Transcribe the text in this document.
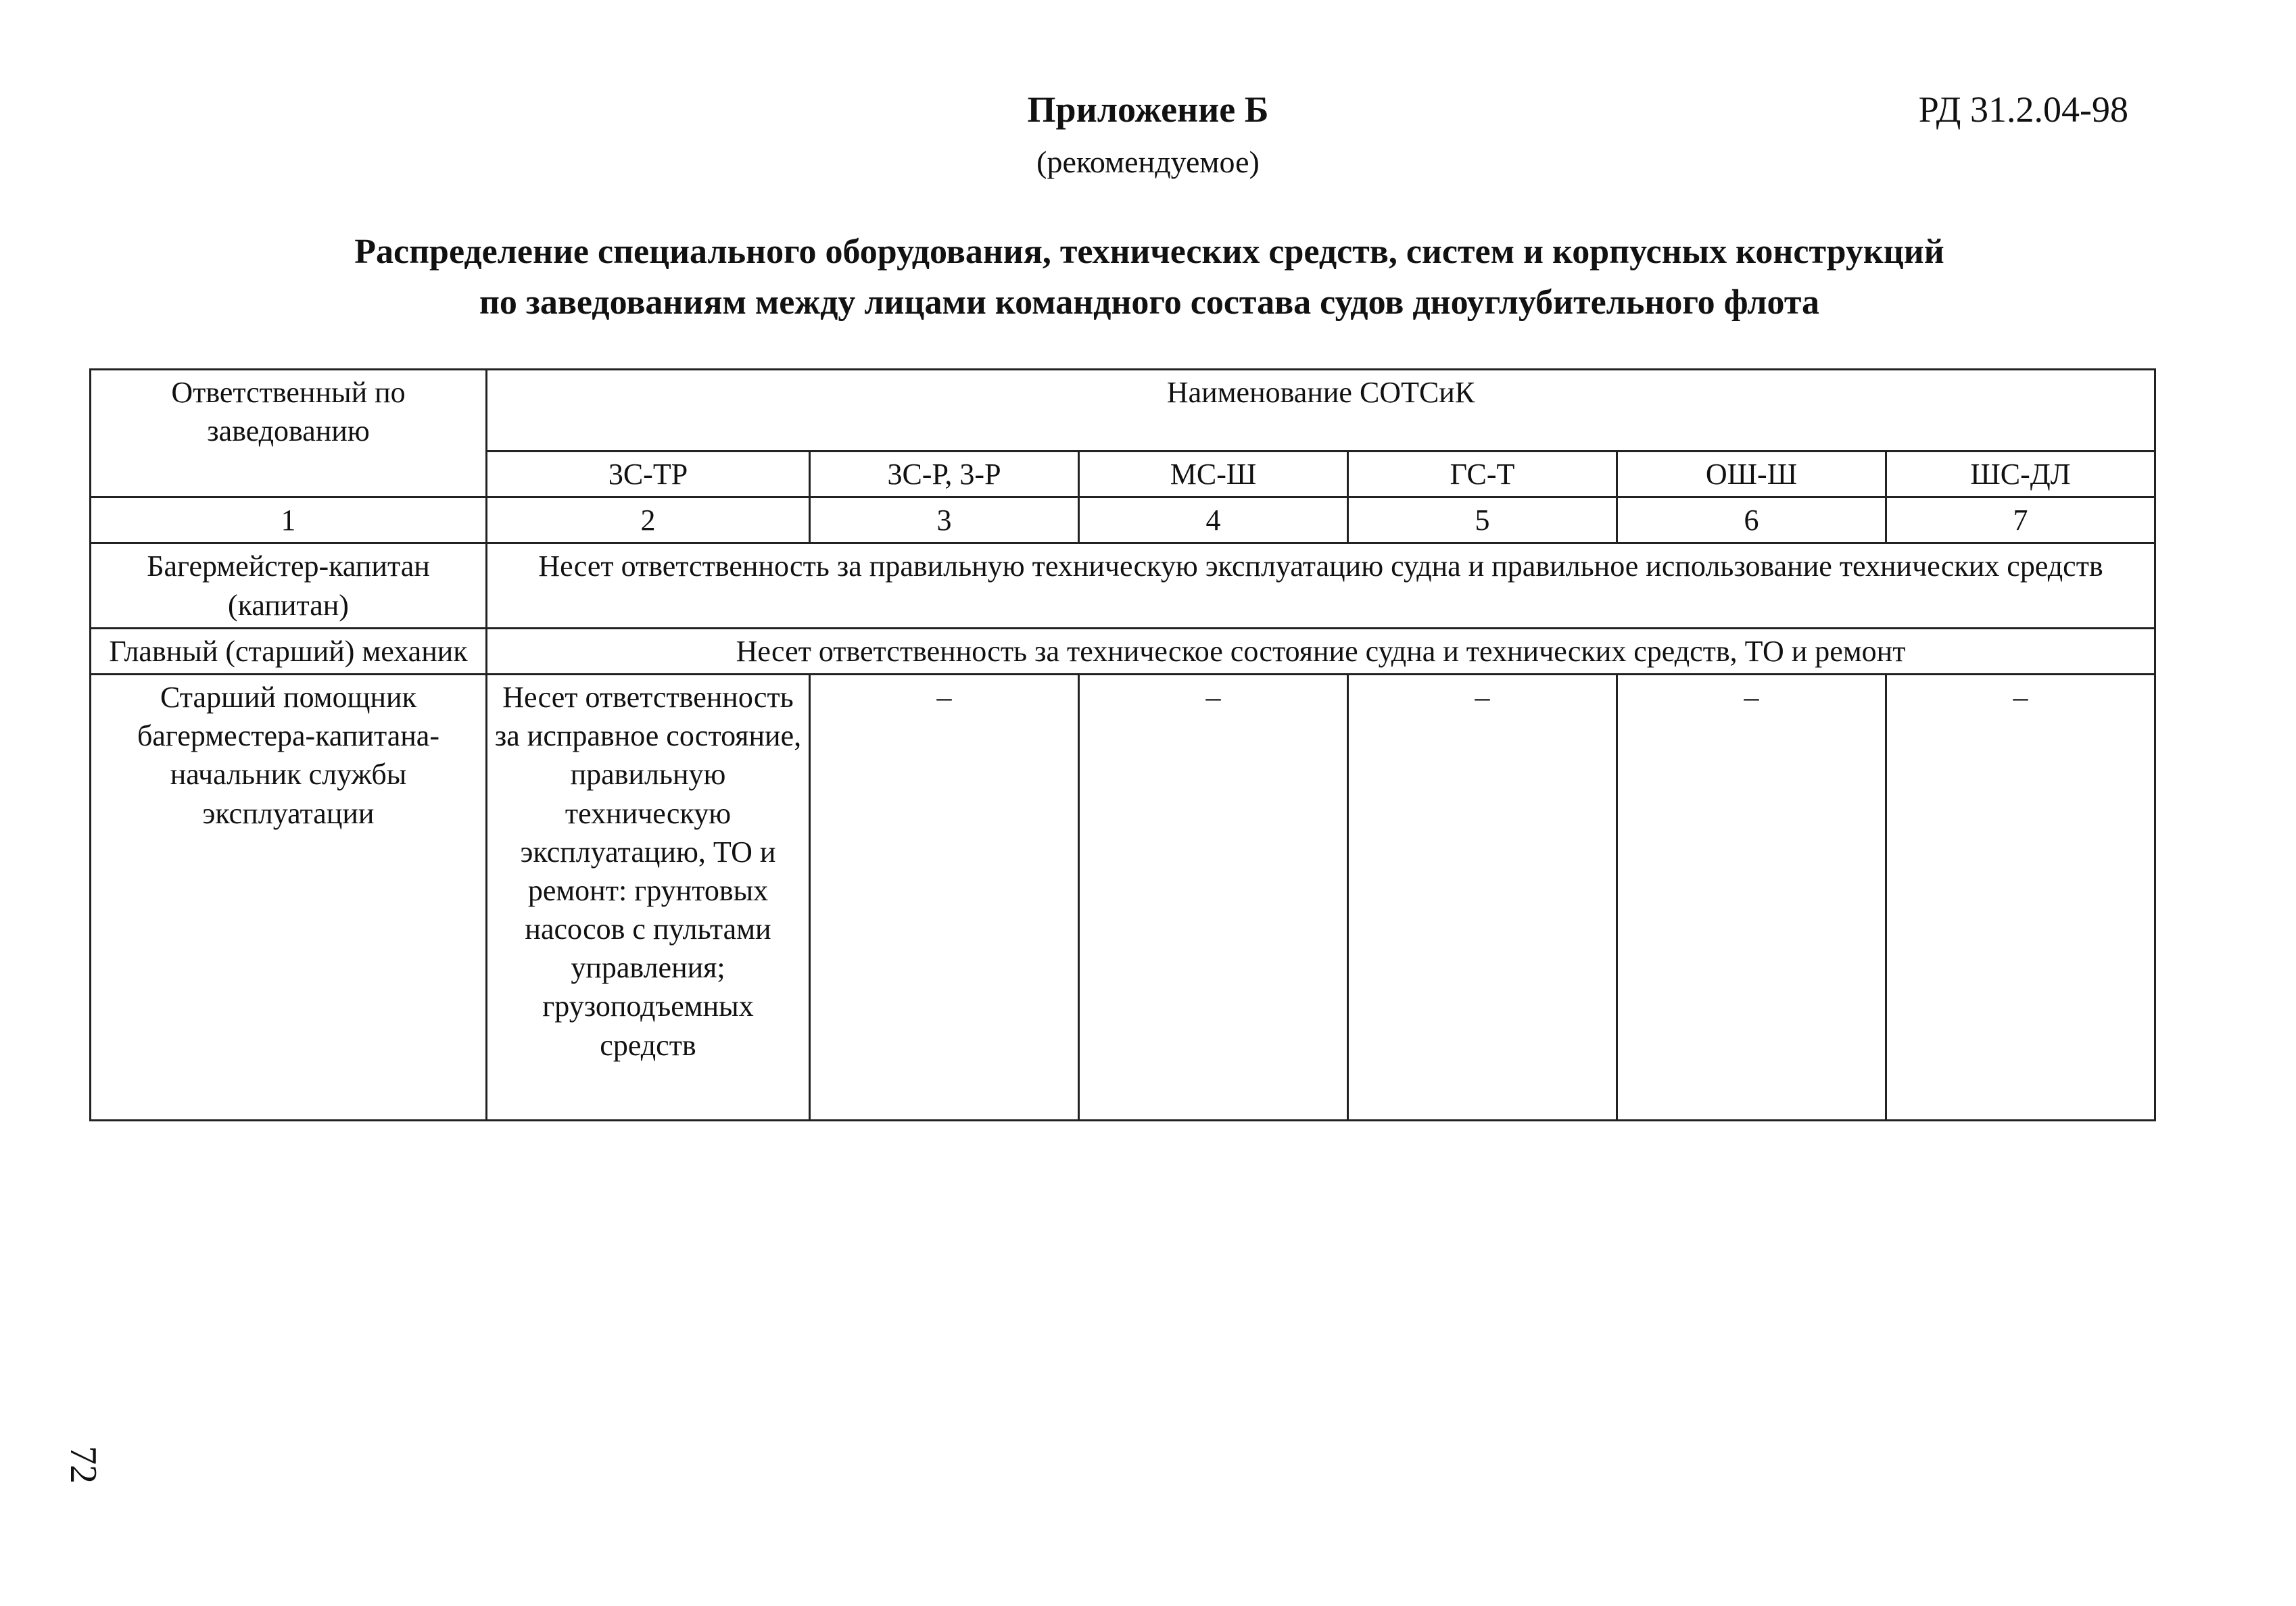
Приложение Б
(рекомендуемое)
РД 31.2.04-98
Распределение специального оборудования, технических средств, систем и корпусных конструкций
по заведованиям между лицами командного состава судов дноуглубительного флота
Ответственный по заведованию	Наименование СОТСиК					
	3С-ТР	3С-Р, 3-Р	МС-Ш	ГС-Т	ОШ-Ш	ШС-ДЛ
1	2	3	4	5	6	7
Багермейстер-капитан (капитан)	Несет ответственность за правильную техническую эксплуатацию судна и правильное использование технических средств					
Главный (старший) механик	Несет ответственность за техническое состояние судна и технических средств, ТО и ремонт					
Старший помощник багерместера-капитана-начальник службы эксплуатации	Несет ответственность за исправное состояние, правильную техническую эксплуатацию, ТО и ремонт: грунтовых насосов с пультами управления; грузоподъемных средств	–	–	–	–	–
72
